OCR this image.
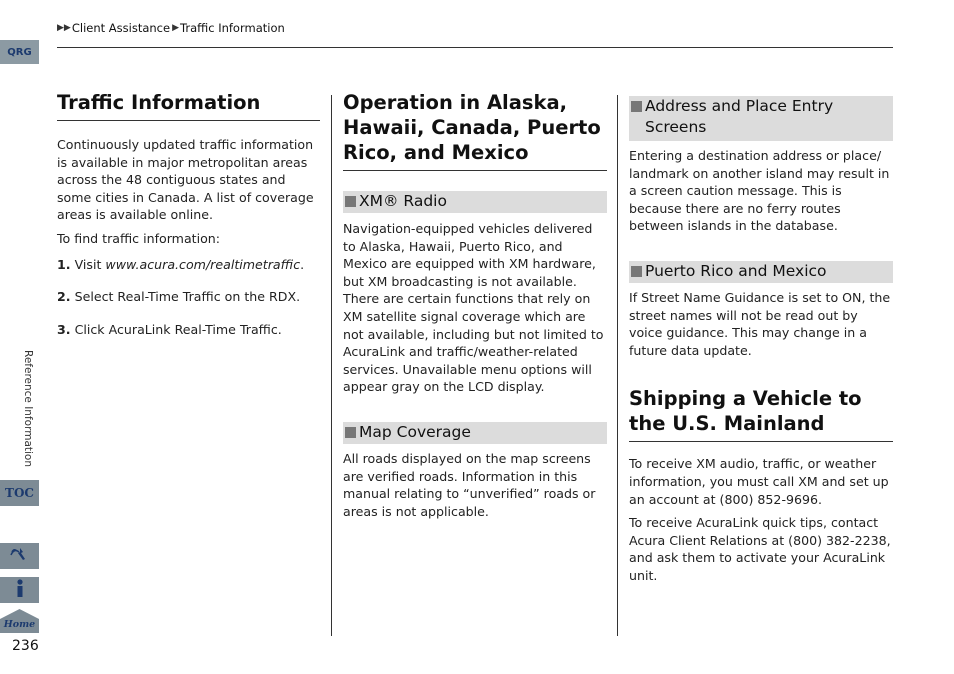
▶▶ Client Assistance ▶ Traffic Information
QRG
Reference Information
TOC
Home
236
Traffic Information

Continuously updated traffic information is available in major metropolitan areas across the 48 contiguous states and some cities in Canada. A list of coverage areas is available online.

To find traffic information:

1. Visit www.acura.com/realtimetraffic.
2. Select Real-Time Traffic on the RDX.
3. Click AcuraLink Real-Time Traffic.
Operation in Alaska, Hawaii, Canada, Puerto Rico, and Mexico
XM® Radio

Navigation-equipped vehicles delivered to Alaska, Hawaii, Puerto Rico, and Mexico are equipped with XM hardware, but XM broadcasting is not available. There are certain functions that rely on XM satellite signal coverage which are not available, including but not limited to AcuraLink and traffic/weather-related services. Unavailable menu options will appear gray on the LCD display.

Map Coverage

All roads displayed on the map screens are verified roads. Information in this manual relating to “unverified” roads or areas is not applicable.

Address and Place Entry Screens

Entering a destination address or place/ landmark on another island may result in a screen caution message. This is because there are no ferry routes between islands in the database.

Puerto Rico and Mexico

If Street Name Guidance is set to ON, the street names will not be read out by voice guidance. This may change in a future data update.

Shipping a Vehicle to the U.S. Mainland

To receive XM audio, traffic, or weather information, you must call XM and set up an account at (800) 852-9696.

To receive AcuraLink quick tips, contact Acura Client Relations at (800) 382-2238, and ask them to activate your AcuraLink unit.
